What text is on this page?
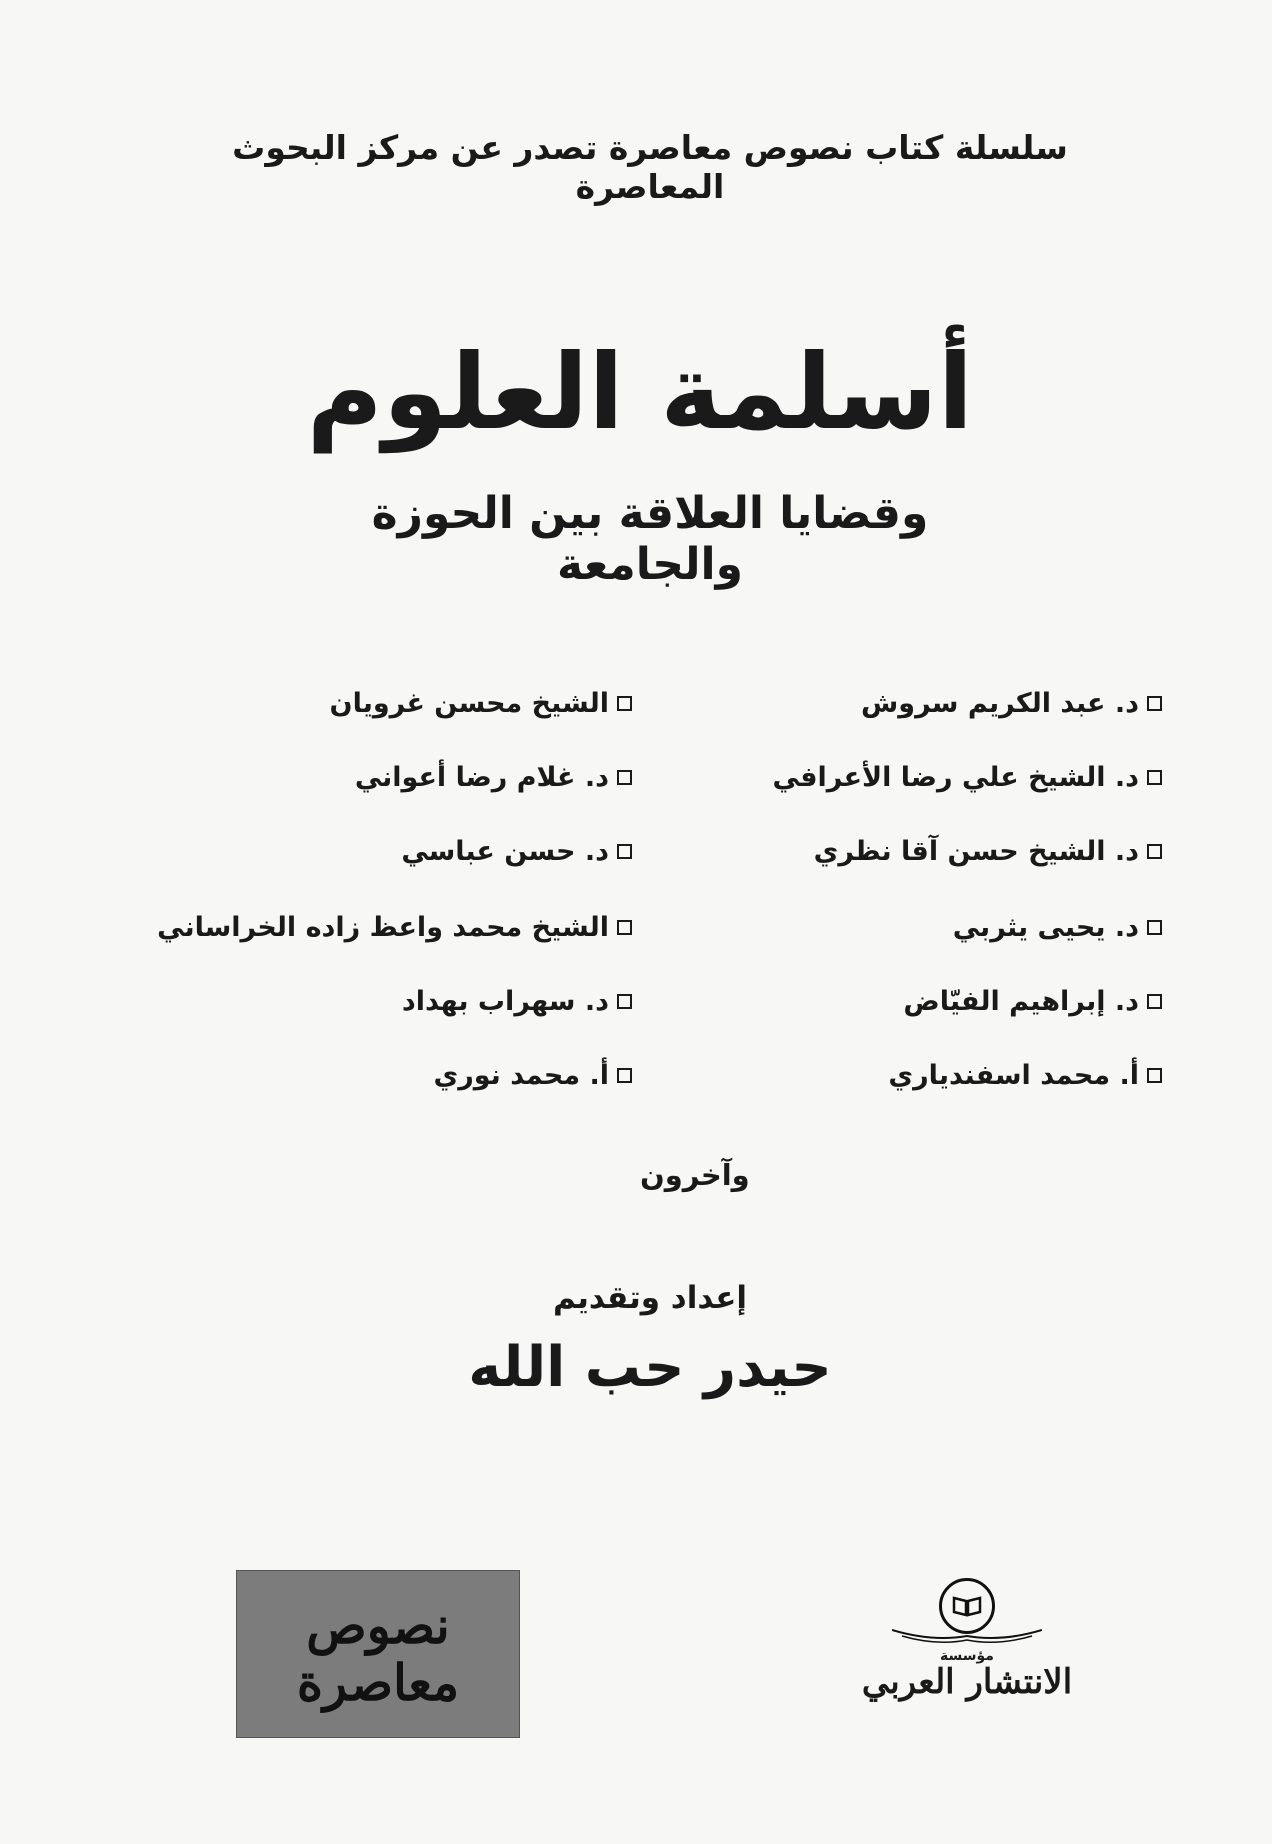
سلسلة كتاب نصوص معاصرة تصدر عن مركز البحوث المعاصرة
أسلمة العلوم
وقضايا العلاقة بين الحوزة والجامعة
د. عبد الكريم سروش
د. الشيخ علي رضا الأعرافي
د. الشيخ حسن آقا نظري
د. يحيى يثربي
د. إبراهيم الفيّاض
أ. محمد اسفندياري
الشيخ محسن غرويان
د. غلام رضا أعواني
د. حسن عباسي
الشيخ محمد واعظ زاده الخراساني
د. سهراب بهداد
أ. محمد نوري
وآخرون
إعداد وتقديم
حيدر حب الله
نصوص
معاصرة	مؤسسة
الانتشار العربي
